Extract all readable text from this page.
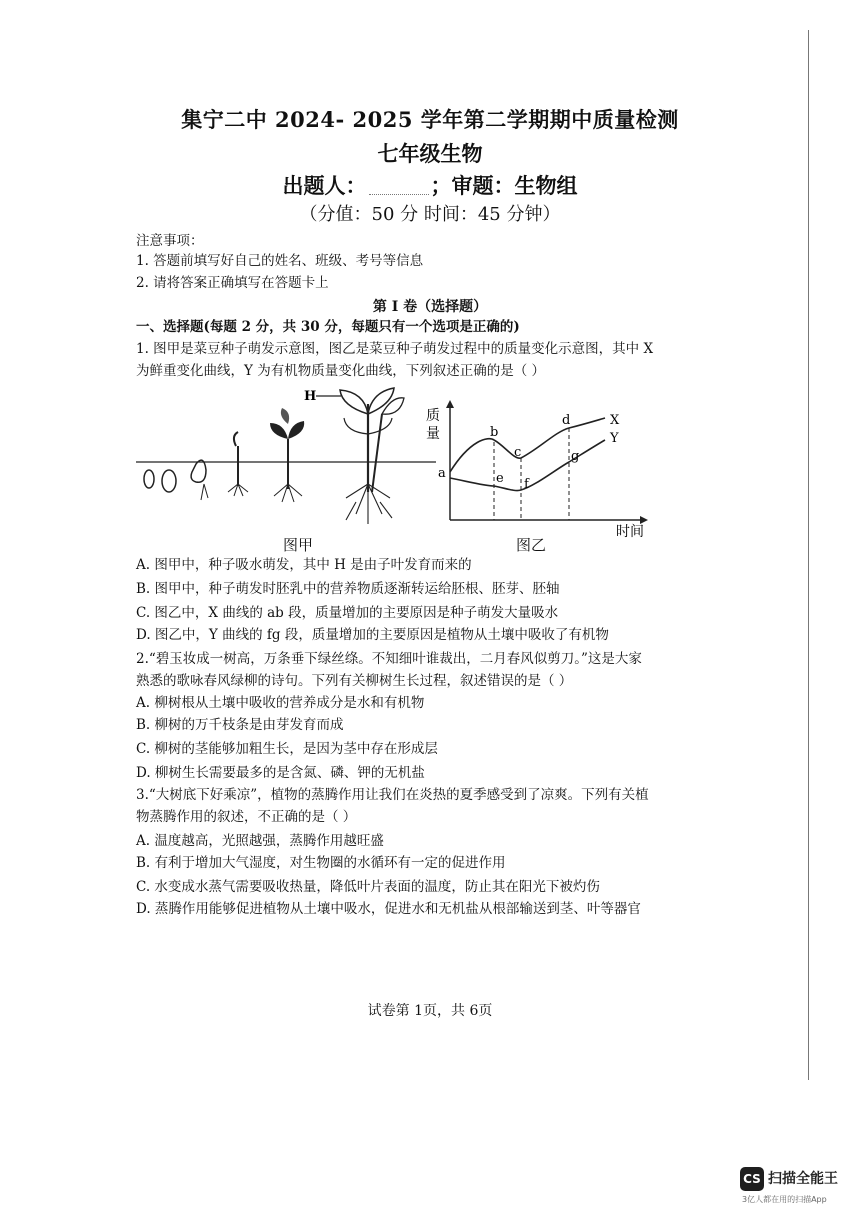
集宁二中 2024- 2025 学年第二学期期中质量检测
七年级生物
出题人：	；审题：生物组
（分值：50 分 时间：45 分钟）
注意事项：
1. 答题前填写好自己的姓名、班级、考号等信息
2. 请将答案正确填写在答题卡上
第 I 卷（选择题）
一、选择题(每题 2 分，共 30 分，每题只有一个选项是正确的)
1. 图甲是菜豆种子萌发示意图，图乙是菜豆种子萌发过程中的质量变化示意图，其中 X
为鲜重变化曲线，Y 为有机物质量变化曲线，下列叙述正确的是（ ）
H
图甲
质
量
时间
a
b
c
d
e f
g
X
Y
图乙
A. 图甲中，种子吸水萌发，其中 H 是由子叶发育而来的
B. 图甲中，种子萌发时胚乳中的营养物质逐渐转运给胚根、胚芽、胚轴
C. 图乙中，X 曲线的 ab 段，质量增加的主要原因是种子萌发大量吸水
D. 图乙中，Y 曲线的 fg 段，质量增加的主要原因是植物从土壤中吸收了有机物
2.“碧玉妆成一树高，万条垂下绿丝绦。不知细叶谁裁出，二月春风似剪刀。”这是大家
熟悉的歌咏春风绿柳的诗句。下列有关柳树生长过程，叙述错误的是（ ）
A. 柳树根从土壤中吸收的营养成分是水和有机物
B. 柳树的万千枝条是由芽发育而成
C. 柳树的茎能够加粗生长，是因为茎中存在形成层
D. 柳树生长需要最多的是含氮、磷、钾的无机盐
3.“大树底下好乘凉”，植物的蒸腾作用让我们在炎热的夏季感受到了凉爽。下列有关植
物蒸腾作用的叙述，不正确的是（ ）
A. 温度越高，光照越强，蒸腾作用越旺盛
B. 有利于增加大气湿度，对生物圈的水循环有一定的促进作用
C. 水变成水蒸气需要吸收热量，降低叶片表面的温度，防止其在阳光下被灼伤
D. 蒸腾作用能够促进植物从土壤中吸水，促进水和无机盐从根部输送到茎、叶等器官
试卷第 1页，共 6页
CS 扫描全能王
3亿人都在用的扫描App
